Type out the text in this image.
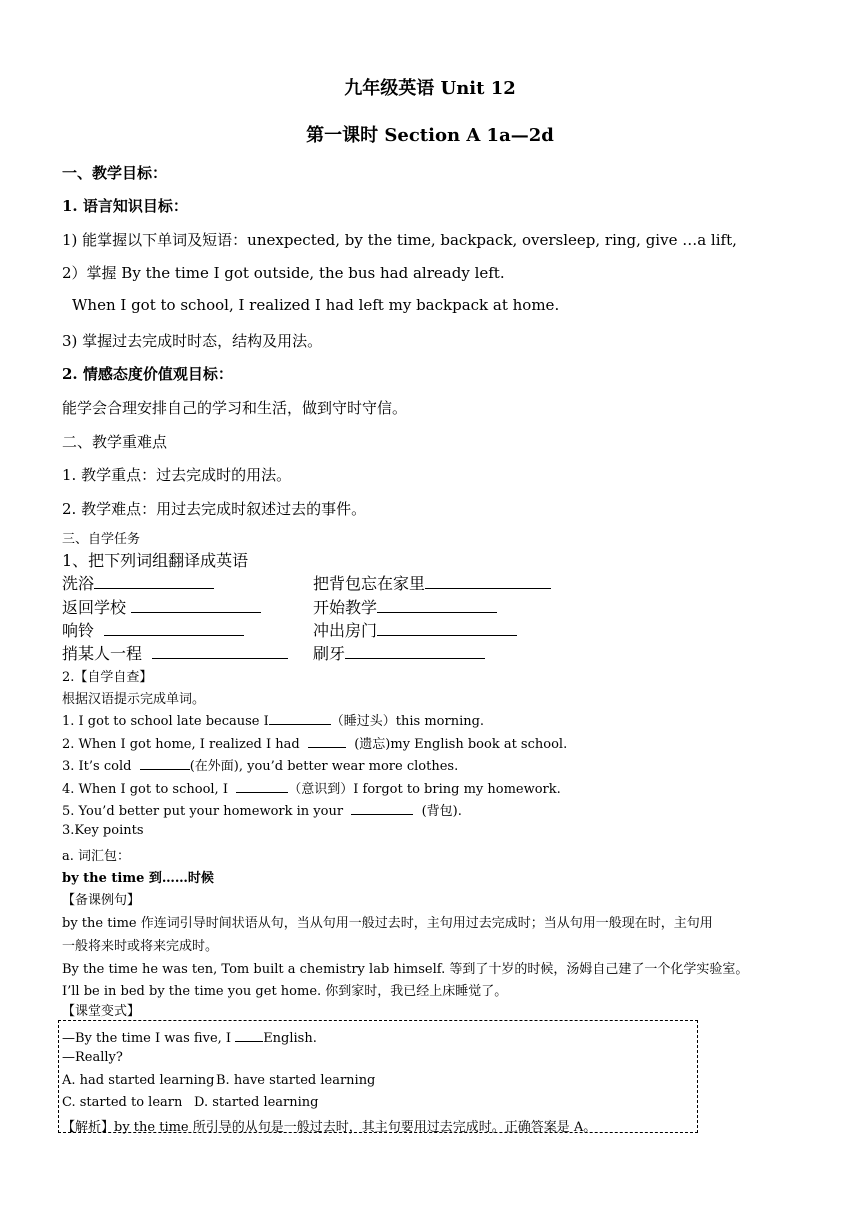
九年级英语 Unit 12
第一课时 Section A 1a—2d
一、教学目标：
1. 语言知识目标：
1) 能掌握以下单词及短语：unexpected, by the time, backpack, oversleep, ring, give …a lift,
2）掌握 By the time I got outside, the bus had already left.
When I got to school, I realized I had left my backpack at home.
3) 掌握过去完成时时态，结构及用法。
2. 情感态度价值观目标：
能学会合理安排自己的学习和生活，做到守时守信。
二、教学重难点
1. 教学重点：过去完成时的用法。
2. 教学难点：用过去完成时叙述过去的事件。
三、自学任务
1、把下列词组翻译成英语
洗浴	把背包忘在家里
返回学校	开始教学
响铃	冲出房门
捎某人一程	刷牙
2.【自学自查】
根据汉语提示完成单词。
1. I got to school late because I	（睡过头）this morning.
2. When I got home, I realized I had	(遗忘)my English book at school.
3. It’s cold	(在外面), you’d better wear more clothes.
4. When I got to school, I	（意识到）I forgot to bring my homework.
5. You’d better put your homework in your	(背包).
3.Key points
a. 词汇包：
by the time 到……时候
【备课例句】
by the time 作连词引导时间状语从句，当从句用一般过去时，主句用过去完成时；当从句用一般现在时，主句用
一般将来时或将来完成时。
By the time he was ten, Tom built a chemistry lab himself. 等到了十岁的时候，汤姆自己建了一个化学实验室。
I’ll be in bed by the time you get home. 你到家时，我已经上床睡觉了。
【课堂变式】
—By the time I was five, I English.
—Really?
A. had started learning B. have started learning
C. started to learn D. started learning
【解析】by the time 所引导的从句是一般过去时，其主句要用过去完成时。正确答案是 A。
